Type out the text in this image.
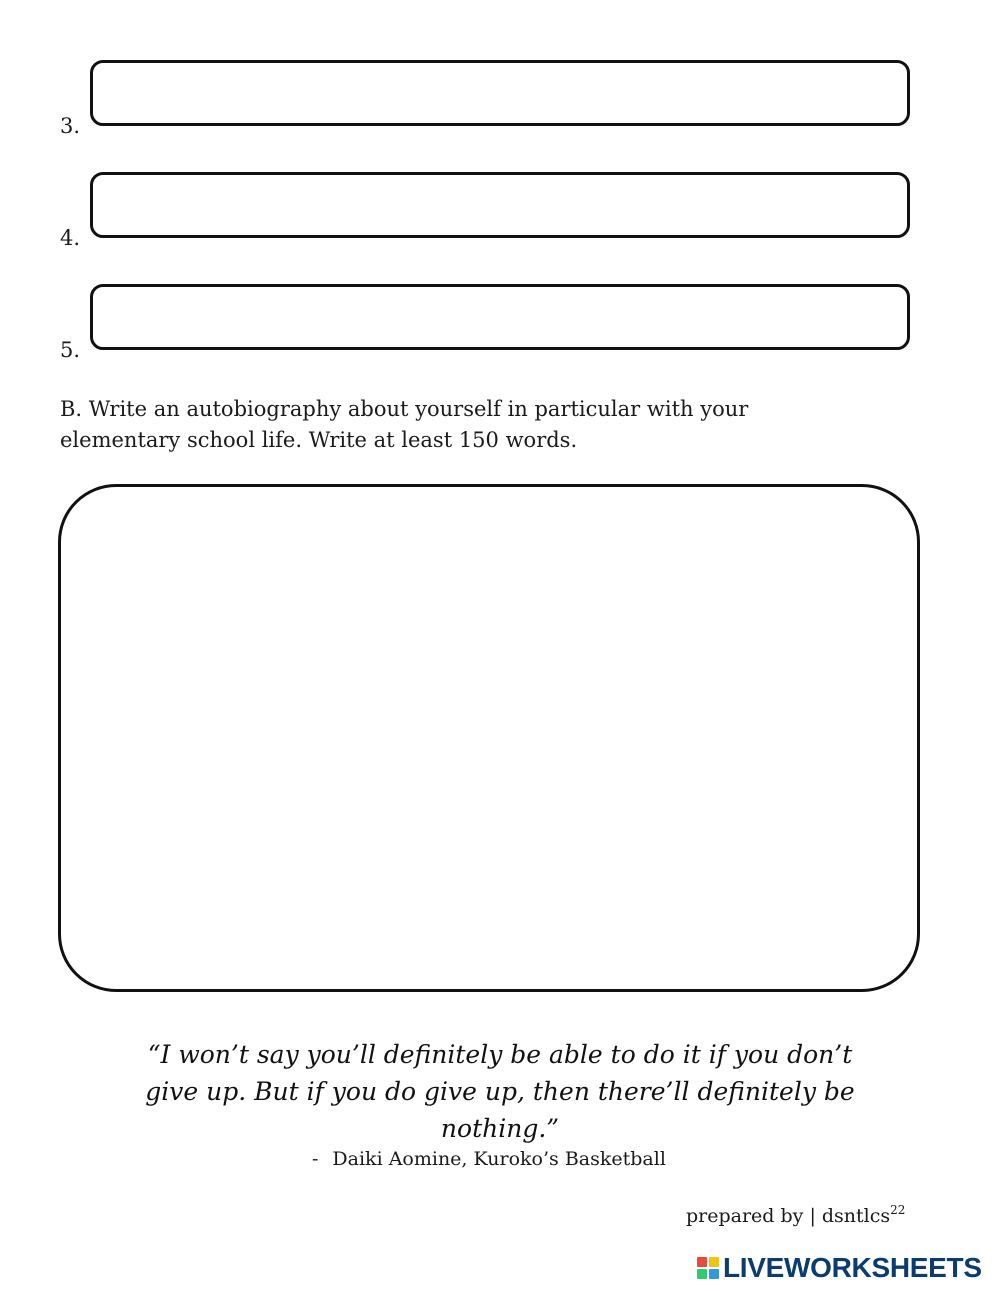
3.
4.
5.

B. Write an autobiography about yourself in particular with your

elementary school life. Write at least 150 words.

“I won’t say you’ll definitely be able to do it if you don’t

give up. But if you do give up, then there’ll definitely be

nothing.”

- Daiki Aomine, Kuroko’s Basketball
prepared by | dsntlcs$^{22}$
LIVEWORKSHEETS
